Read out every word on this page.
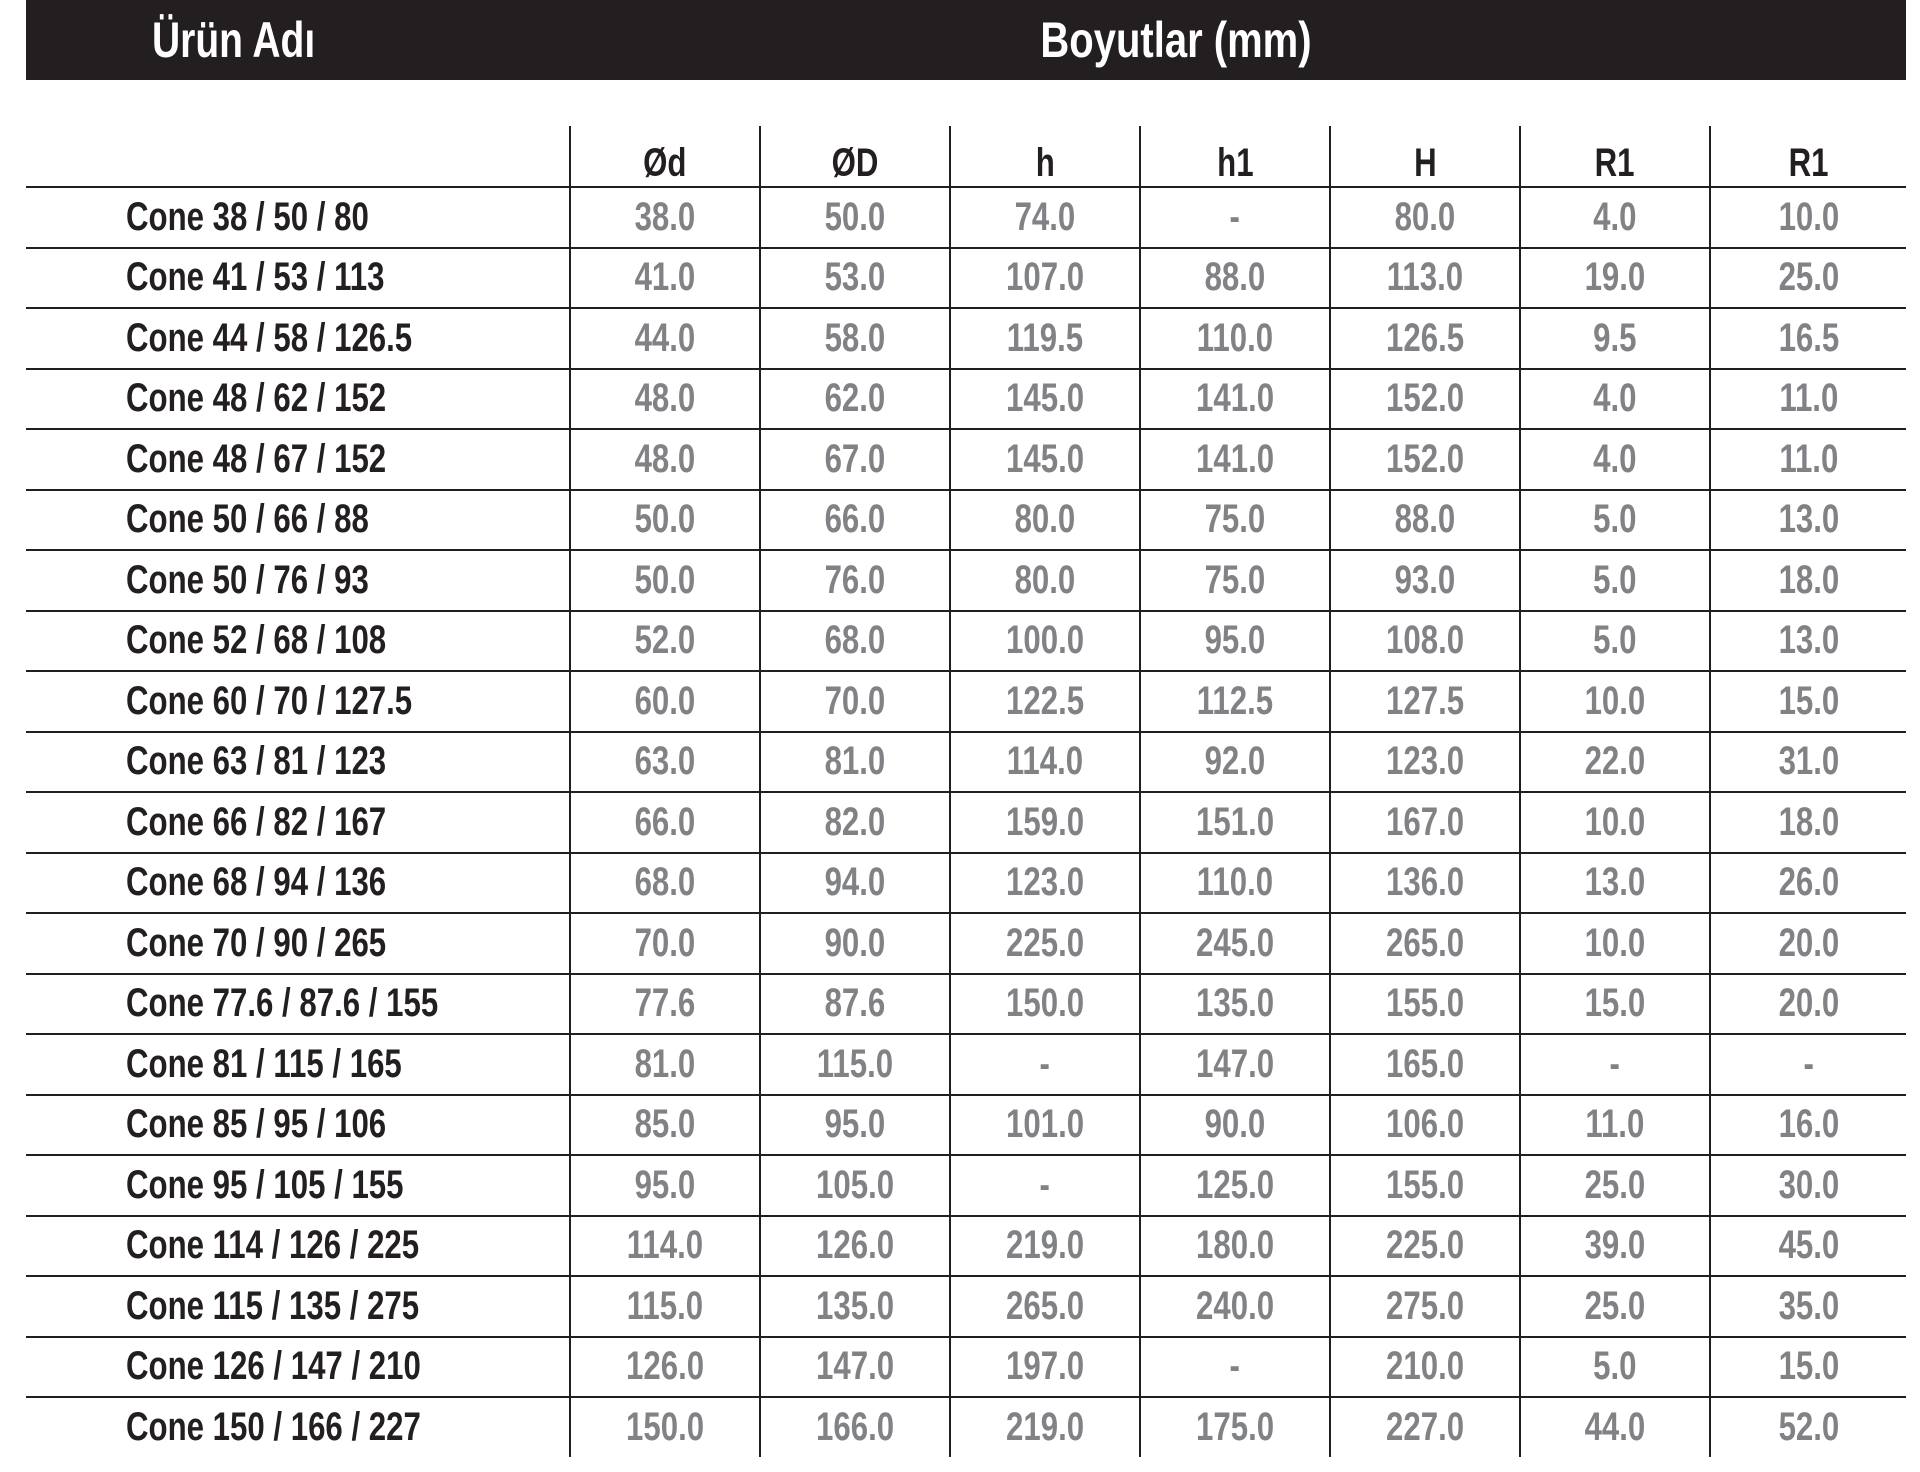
Ürün Adı	Boyutlar (mm)
	Ød	ØD	h	h1	H	R1	R1
Cone 38 / 50 / 80	38.0	50.0	74.0	-	80.0	4.0	10.0
Cone 41 / 53 / 113	41.0	53.0	107.0	88.0	113.0	19.0	25.0
Cone 44 / 58 / 126.5	44.0	58.0	119.5	110.0	126.5	9.5	16.5
Cone 48 / 62 / 152	48.0	62.0	145.0	141.0	152.0	4.0	11.0
Cone 48 / 67 / 152	48.0	67.0	145.0	141.0	152.0	4.0	11.0
Cone 50 / 66 / 88	50.0	66.0	80.0	75.0	88.0	5.0	13.0
Cone 50 / 76 / 93	50.0	76.0	80.0	75.0	93.0	5.0	18.0
Cone 52 / 68 / 108	52.0	68.0	100.0	95.0	108.0	5.0	13.0
Cone 60 / 70 / 127.5	60.0	70.0	122.5	112.5	127.5	10.0	15.0
Cone 63 / 81 / 123	63.0	81.0	114.0	92.0	123.0	22.0	31.0
Cone 66 / 82 / 167	66.0	82.0	159.0	151.0	167.0	10.0	18.0
Cone 68 / 94 / 136	68.0	94.0	123.0	110.0	136.0	13.0	26.0
Cone 70 / 90 / 265	70.0	90.0	225.0	245.0	265.0	10.0	20.0
Cone 77.6 / 87.6 / 155	77.6	87.6	150.0	135.0	155.0	15.0	20.0
Cone 81 / 115 / 165	81.0	115.0	-	147.0	165.0	-	-
Cone 85 / 95 / 106	85.0	95.0	101.0	90.0	106.0	11.0	16.0
Cone 95 / 105 / 155	95.0	105.0	-	125.0	155.0	25.0	30.0
Cone 114 / 126 / 225	114.0	126.0	219.0	180.0	225.0	39.0	45.0
Cone 115 / 135 / 275	115.0	135.0	265.0	240.0	275.0	25.0	35.0
Cone 126 / 147 / 210	126.0	147.0	197.0	-	210.0	5.0	15.0
Cone 150 / 166 / 227	150.0	166.0	219.0	175.0	227.0	44.0	52.0
